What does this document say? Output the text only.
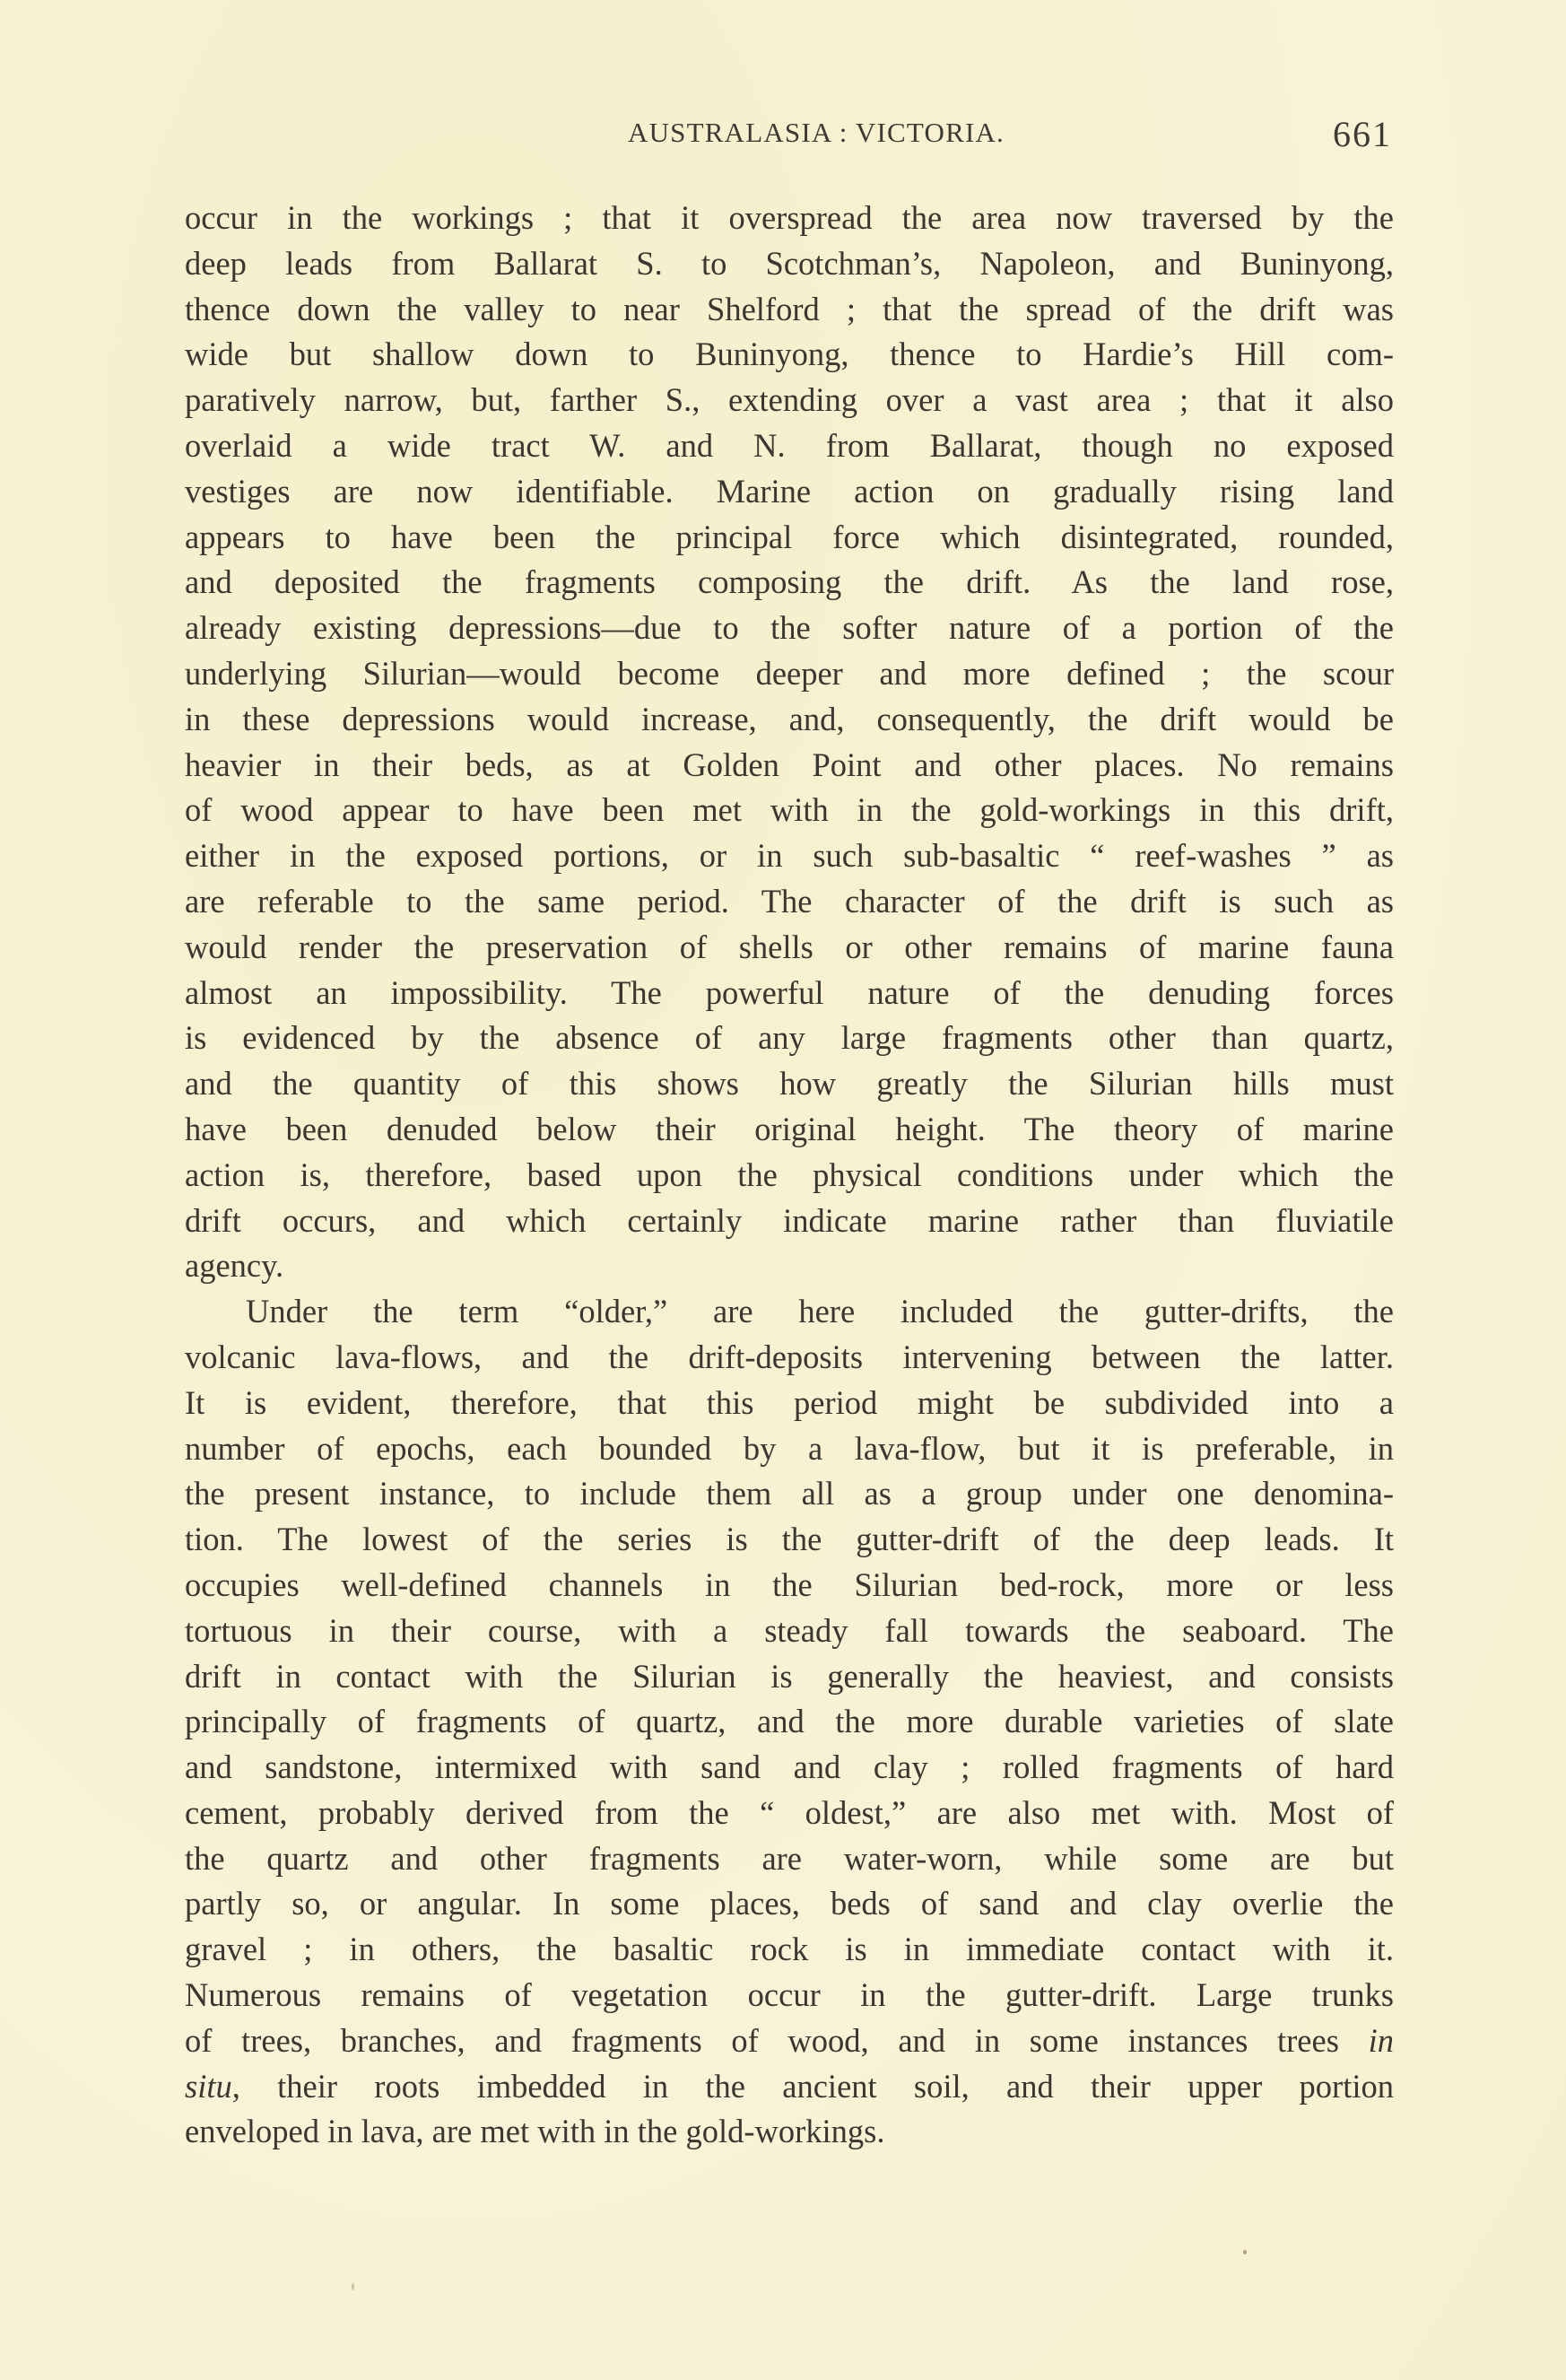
AUSTRALASIA : VICTORIA.	661
occur in the workings ; that it overspread the area now traversed by the
deep leads from Ballarat S. to Scotchman’s, Napoleon, and Buninyong,
thence down the valley to near Shelford ; that the spread of the drift was
wide but shallow down to Buninyong, thence to Hardie’s Hill com-
paratively narrow, but, farther S., extending over a vast area ; that it also
overlaid a wide tract W. and N. from Ballarat, though no exposed
vestiges are now identifiable. Marine action on gradually rising land
appears to have been the principal force which disintegrated, rounded,
and deposited the fragments composing the drift. As the land rose,
already existing depressions—due to the softer nature of a portion of the
underlying Silurian—would become deeper and more defined ; the scour
in these depressions would increase, and, consequently, the drift would be
heavier in their beds, as at Golden Point and other places. No remains
of wood appear to have been met with in the gold-workings in this drift,
either in the exposed portions, or in such sub-basaltic “ reef-washes ” as
are referable to the same period. The character of the drift is such as
would render the preservation of shells or other remains of marine fauna
almost an impossibility. The powerful nature of the denuding forces
is evidenced by the absence of any large fragments other than quartz,
and the quantity of this shows how greatly the Silurian hills must
have been denuded below their original height. The theory of marine
action is, therefore, based upon the physical conditions under which the
drift occurs, and which certainly indicate marine rather than fluviatile
agency.
Under the term “older,” are here included the gutter-drifts, the
volcanic lava-flows, and the drift-deposits intervening between the latter.
It is evident, therefore, that this period might be subdivided into a
number of epochs, each bounded by a lava-flow, but it is preferable, in
the present instance, to include them all as a group under one denomina-
tion. The lowest of the series is the gutter-drift of the deep leads. It
occupies well-defined channels in the Silurian bed-rock, more or less
tortuous in their course, with a steady fall towards the seaboard. The
drift in contact with the Silurian is generally the heaviest, and consists
principally of fragments of quartz, and the more durable varieties of slate
and sandstone, intermixed with sand and clay ; rolled fragments of hard
cement, probably derived from the “ oldest,” are also met with. Most of
the quartz and other fragments are water-worn, while some are but
partly so, or angular. In some places, beds of sand and clay overlie the
gravel ; in others, the basaltic rock is in immediate contact with it.
Numerous remains of vegetation occur in the gutter-drift. Large trunks
of trees, branches, and fragments of wood, and in some instances trees in
situ, their roots imbedded in the ancient soil, and their upper portion
enveloped in lava, are met with in the gold-workings.
